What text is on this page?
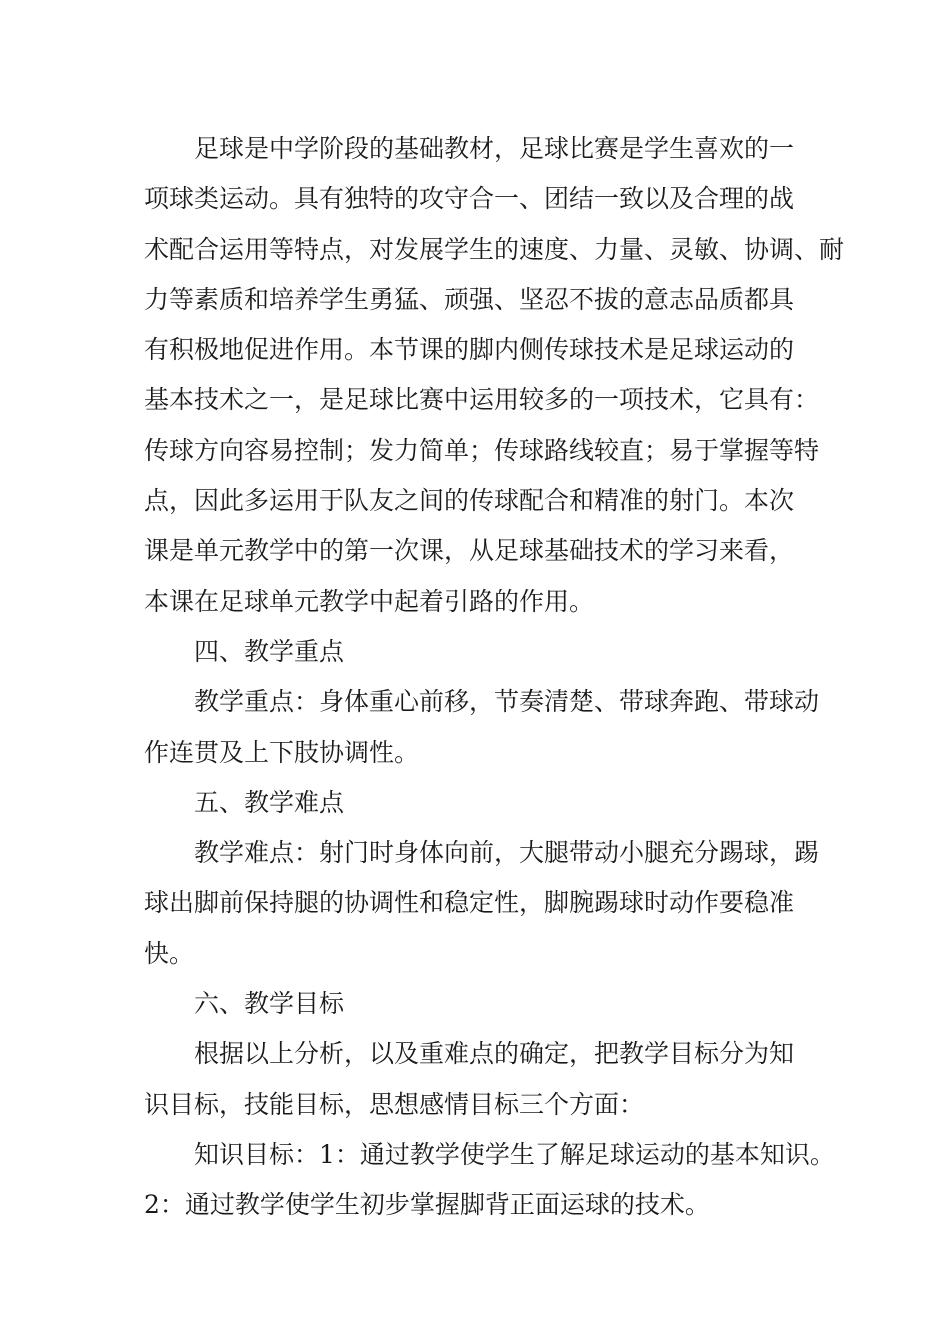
足球是中学阶段的基础教材，足球比赛是学生喜欢的一
项球类运动。具有独特的攻守合一、团结一致以及合理的战
术配合运用等特点，对发展学生的速度、力量、灵敏、协调、耐
力等素质和培养学生勇猛、顽强、坚忍不拔的意志品质都具
有积极地促进作用。本节课的脚内侧传球技术是足球运动的
基本技术之一，是足球比赛中运用较多的一项技术，它具有：
传球方向容易控制；发力简单；传球路线较直；易于掌握等特
点，因此多运用于队友之间的传球配合和精准的射门。本次
课是单元教学中的第一次课，从足球基础技术的学习来看，
本课在足球单元教学中起着引路的作用。
四、教学重点
教学重点：身体重心前移，节奏清楚、带球奔跑、带球动
作连贯及上下肢协调性。
五、教学难点
教学难点：射门时身体向前，大腿带动小腿充分踢球，踢
球出脚前保持腿的协调性和稳定性，脚腕踢球时动作要稳准
快。
六、教学目标
根据以上分析，以及重难点的确定，把教学目标分为知
识目标，技能目标，思想感情目标三个方面：
知识目标：1：通过教学使学生了解足球运动的基本知识。
2：通过教学使学生初步掌握脚背正面运球的技术。
